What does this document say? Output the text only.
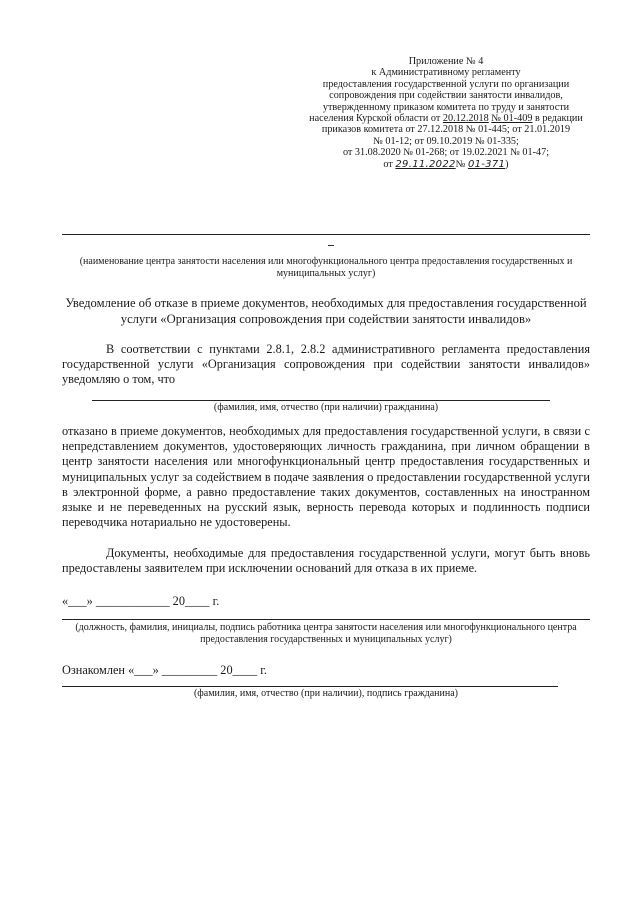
Приложение № 4
к Административному регламенту
предоставления государственной услуги по организации
сопровождения при содействии занятости инвалидов,
утвержденному приказом комитета по труду и занятости
населения Курской области от 20.12.2018 № 01-409 в редакции
приказов комитета от 27.12.2018 № 01-445; от 21.01.2019
№ 01-12; от 09.10.2019 № 01-335;
от 31.08.2020 № 01-268; от 19.02.2021 № 01-47;
от 29.11.2022№ 01-371)
(наименование центра занятости населения или многофункционального центра предоставления государственных и муниципальных услуг)
Уведомление об отказе в приеме документов, необходимых для предоставления государственной услуги «Организация сопровождения при содействии занятости инвалидов»
В соответствии с пунктами 2.8.1, 2.8.2 административного регламента предоставления государственной услуги «Организация сопровождения при содействии занятости инвалидов» уведомляю о том, что
(фамилия, имя, отчество (при наличии) гражданина)
отказано в приеме документов, необходимых для предоставления государственной услуги, в связи с непредставлением документов, удостоверяющих личность гражданина, при личном обращении в центр занятости населения или многофункциональный центр предоставления государственных и муниципальных услуг за содействием в подаче заявления о предоставлении государственной услуги в электронной форме, а равно предоставление таких документов, составленных на иностранном языке и не переведенных на русский язык, верность перевода которых и подлинность подписи переводчика нотариально не удостоверены.
Документы, необходимые для предоставления государственной услуги, могут быть вновь предоставлены заявителем при исключении оснований для отказа в их приеме.
«___» ____________ 20____ г.
(должность, фамилия, инициалы, подпись работника центра занятости населения или многофункционального центра предоставления государственных и муниципальных услуг)
Ознакомлен «___» _________ 20____ г.
(фамилия, имя, отчество (при наличии), подпись гражданина)
